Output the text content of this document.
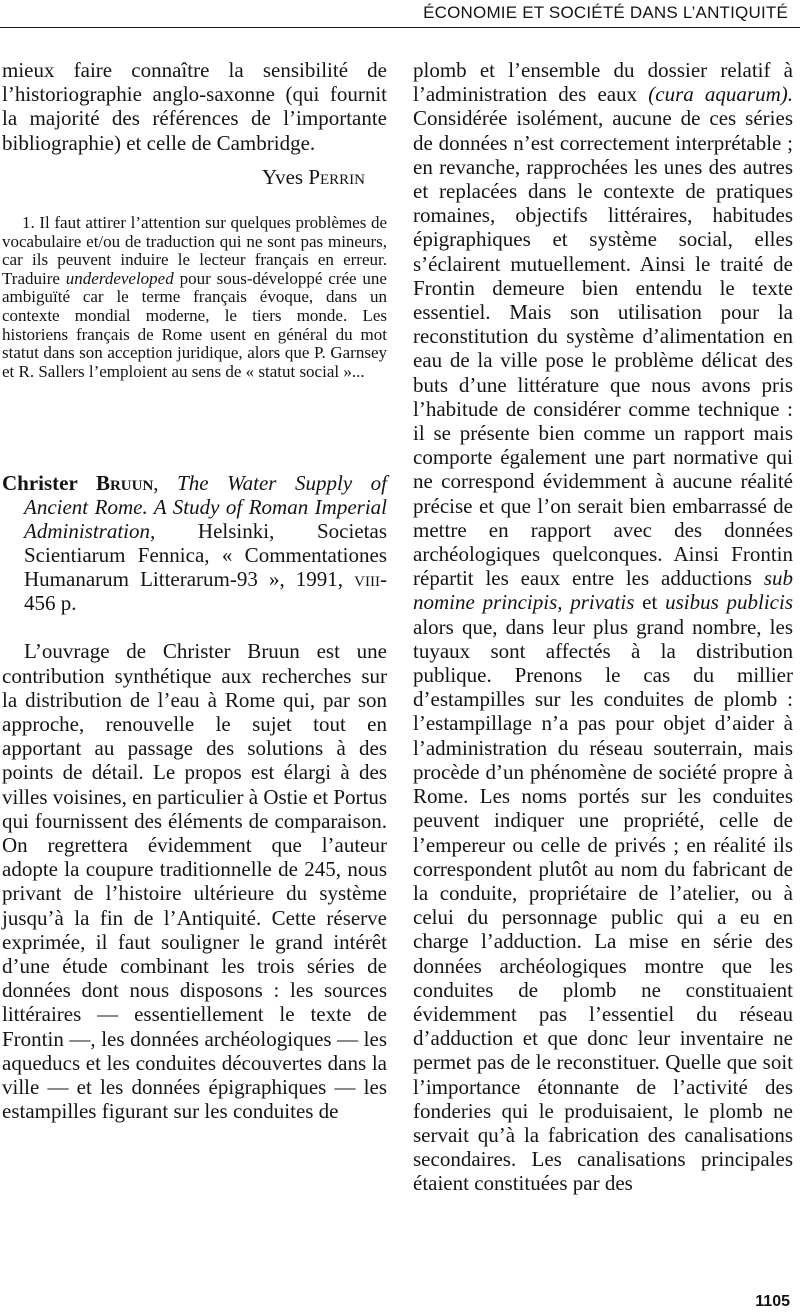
ÉCONOMIE ET SOCIÉTÉ DANS L’ANTIQUITÉ

mieux faire connaître la sensibilité de l’historiographie anglo-saxonne (qui fournit la majorité des références de l’importante bibliographie) et celle de Cambridge.

Yves Perrin

1. Il faut attirer l’attention sur quelques problèmes de vocabulaire et/ou de traduction qui ne sont pas mineurs, car ils peuvent induire le lecteur français en erreur. Traduire underdeveloped pour sous-développé crée une ambiguïté car le terme français évoque, dans un contexte mondial moderne, le tiers monde. Les historiens français de Rome usent en général du mot statut dans son acception juridique, alors que P. Garnsey et R. Sallers l’emploient au sens de « statut social »...

Christer Bruun, The Water Supply of Ancient Rome. A Study of Roman Imperial Administration, Helsinki, Societas Scientiarum Fennica, « Commentationes Humanarum Litterarum-93 », 1991, viii-456 p.

L’ouvrage de Christer Bruun est une contribution synthétique aux recherches sur la distribution de l’eau à Rome qui, par son approche, renouvelle le sujet tout en apportant au passage des solutions à des points de détail. Le propos est élargi à des villes voisines, en particulier à Ostie et Portus qui fournissent des éléments de comparaison. On regrettera évidemment que l’auteur adopte la coupure traditionnelle de 245, nous privant de l’histoire ultérieure du système jusqu’à la fin de l’Antiquité. Cette réserve exprimée, il faut souligner le grand intérêt d’une étude combinant les trois séries de données dont nous disposons : les sources littéraires — essentiellement le texte de Frontin —, les données archéologiques — les aqueducs et les conduites découvertes dans la ville — et les données épigraphiques — les estampilles figurant sur les conduites de

plomb et l’ensemble du dossier relatif à l’administration des eaux (cura aquarum). Considérée isolément, aucune de ces séries de données n’est correctement interprétable ; en revanche, rapprochées les unes des autres et replacées dans le contexte de pratiques romaines, objectifs littéraires, habitudes épigraphiques et système social, elles s’éclairent mutuellement. Ainsi le traité de Frontin demeure bien entendu le texte essentiel. Mais son utilisation pour la reconstitution du système d’alimentation en eau de la ville pose le problème délicat des buts d’une littérature que nous avons pris l’habitude de considérer comme technique : il se présente bien comme un rapport mais comporte également une part normative qui ne correspond évidemment à aucune réalité précise et que l’on serait bien embarrassé de mettre en rapport avec des données archéologiques quelconques. Ainsi Frontin répartit les eaux entre les adductions sub nomine principis, privatis et usibus publicis alors que, dans leur plus grand nombre, les tuyaux sont affectés à la distribution publique. Prenons le cas du millier d’estampilles sur les conduites de plomb : l’estampillage n’a pas pour objet d’aider à l’administration du réseau souterrain, mais procède d’un phénomène de société propre à Rome. Les noms portés sur les conduites peuvent indiquer une propriété, celle de l’empereur ou celle de privés ; en réalité ils correspondent plutôt au nom du fabricant de la conduite, propriétaire de l’atelier, ou à celui du personnage public qui a eu en charge l’adduction. La mise en série des données archéologiques montre que les conduites de plomb ne constituaient évidemment pas l’essentiel du réseau d’adduction et que donc leur inventaire ne permet pas de le reconstituer. Quelle que soit l’importance étonnante de l’activité des fonderies qui le produisaient, le plomb ne servait qu’à la fabrication des canalisations secondaires. Les canalisations principales étaient constituées par des

1105
